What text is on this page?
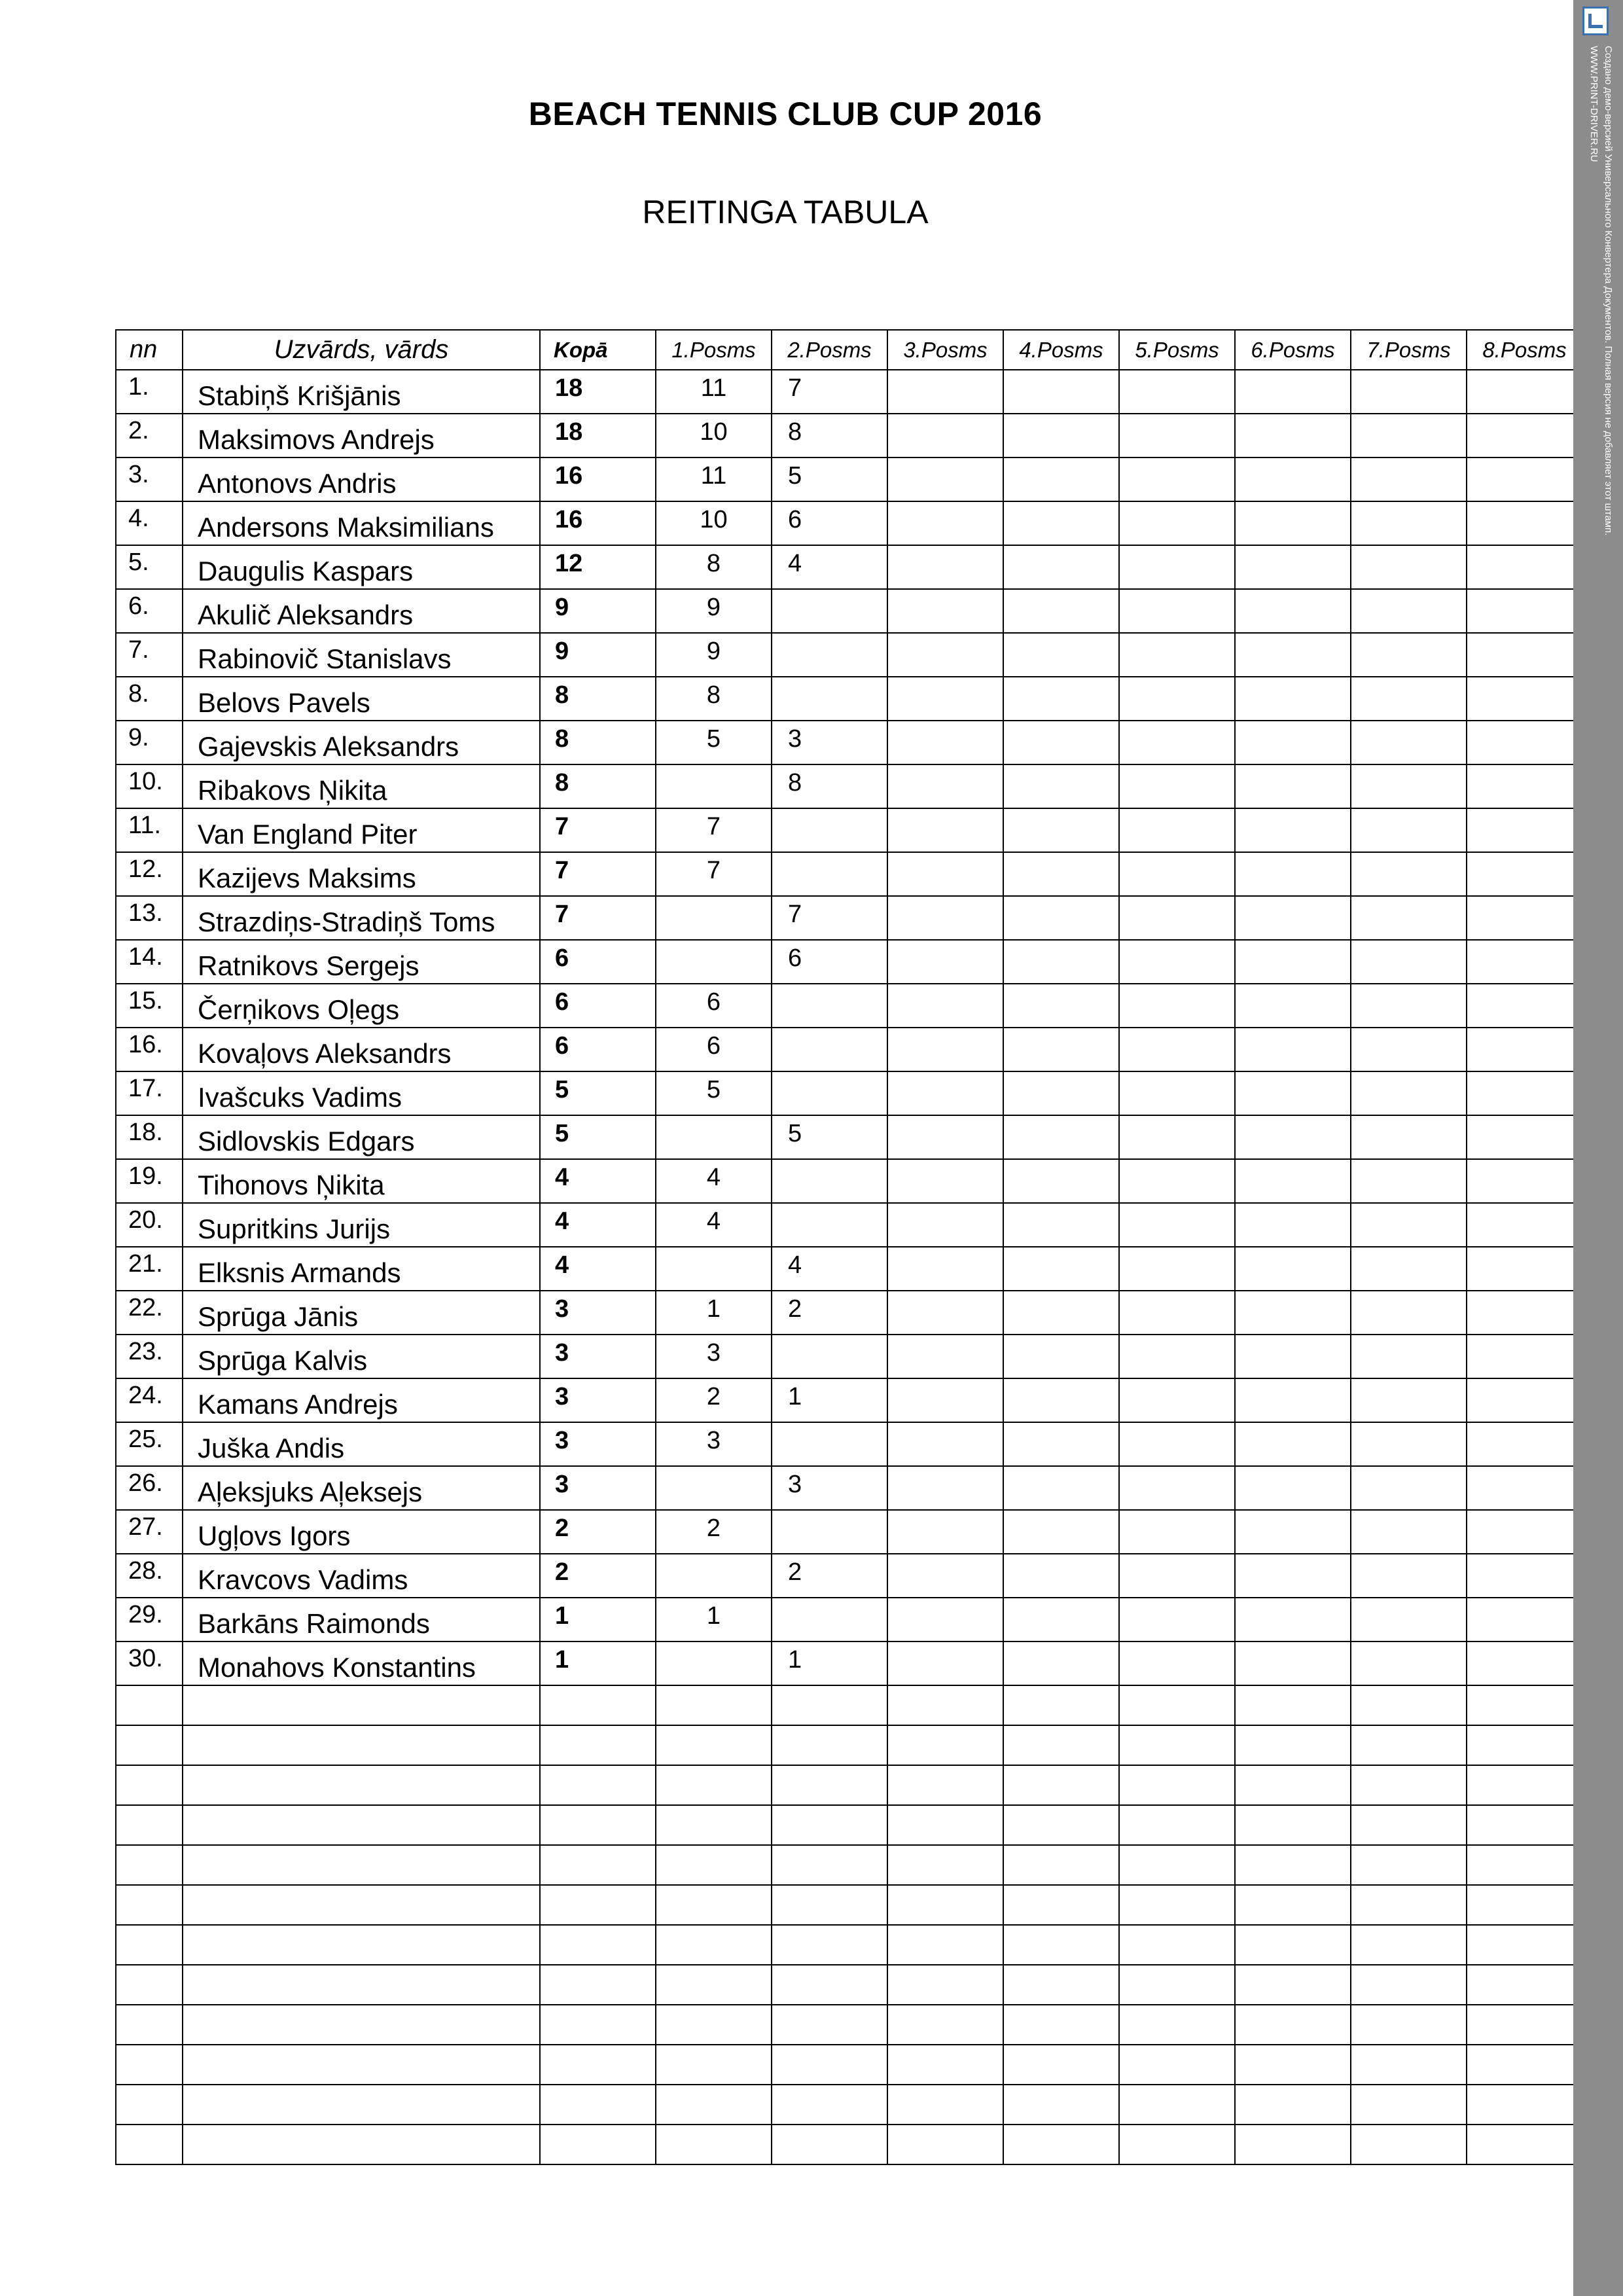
BEACH TENNIS CLUB CUP 2016
REITINGA TABULA
nn	Uzvārds, vārds	Kopā	1.Posms	2.Posms	3.Posms	4.Posms	5.Posms	6.Posms	7.Posms	8.Posms
1.	Stabiņš Krišjānis	18	11	7						
2.	Maksimovs Andrejs	18	10	8						
3.	Antonovs Andris	16	11	5						
4.	Andersons Maksimilians	16	10	6						
5.	Daugulis Kaspars	12	8	4						
6.	Akulič Aleksandrs	9	9							
7.	Rabinovič Stanislavs	9	9							
8.	Belovs Pavels	8	8							
9.	Gajevskis Aleksandrs	8	5	3						
10.	Ribakovs Ņikita	8		8						
11.	Van England Piter	7	7							
12.	Kazijevs Maksims	7	7							
13.	Strazdiņs-Stradiņš Toms	7		7						
14.	Ratnikovs Sergejs	6		6						
15.	Čerņikovs Oļegs	6	6							
16.	Kovaļovs Aleksandrs	6	6							
17.	Ivašcuks Vadims	5	5							
18.	Sidlovskis Edgars	5		5						
19.	Tihonovs Ņikita	4	4							
20.	Supritkins Jurijs	4	4							
21.	Elksnis Armands	4		4						
22.	Sprūga Jānis	3	1	2						
23.	Sprūga Kalvis	3	3							
24.	Kamans Andrejs	3	2	1						
25.	Juška Andis	3	3							
26.	Aļeksjuks Aļeksejs	3		3						
27.	Ugļovs Igors	2	2							
28.	Kravcovs Vadims	2		2						
29.	Barkāns Raimonds	1	1							
30.	Monahovs Konstantins	1		1						

Создано демо-версией Универсального Конвертера Документов. Полная версия не добавляет этот штамп.
WWW.PRINT-DRIVER.RU
